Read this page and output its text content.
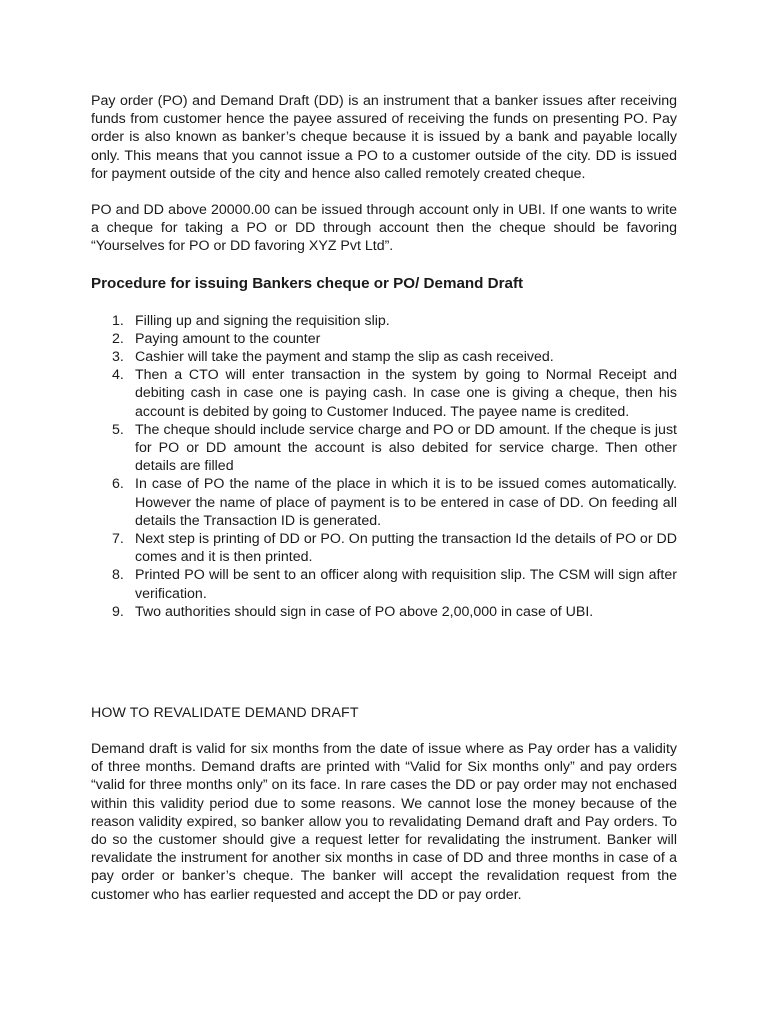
Pay order (PO) and Demand Draft (DD) is an instrument that a banker issues after receiving funds from customer hence the payee assured of receiving the funds on presenting PO. Pay order is also known as banker’s cheque because it is issued by a bank and payable locally only. This means that you cannot issue a PO to a customer outside of the city. DD is issued for payment outside of the city and hence also called remotely created cheque.

PO and DD above 20000.00 can be issued through account only in UBI. If one wants to write a cheque for taking a PO or DD through account then the cheque should be favoring “Yourselves for PO or DD favoring XYZ Pvt Ltd”.

Procedure for issuing Bankers cheque or PO/ Demand Draft
1. Filling up and signing the requisition slip.
2. Paying amount to the counter
3. Cashier will take the payment and stamp the slip as cash received.
4. Then a CTO will enter transaction in the system by going to Normal Receipt and debiting cash in case one is paying cash. In case one is giving a cheque, then his account is debited by going to Customer Induced. The payee name is credited.
5. The cheque should include service charge and PO or DD amount. If the cheque is just for PO or DD amount the account is also debited for service charge. Then other details are filled
6. In case of PO the name of the place in which it is to be issued comes automatically. However the name of place of payment is to be entered in case of DD. On feeding all details the Transaction ID is generated.
7. Next step is printing of DD or PO. On putting the transaction Id the details of PO or DD comes and it is then printed.
8. Printed PO will be sent to an officer along with requisition slip. The CSM will sign after verification.
9. Two authorities should sign in case of PO above 2,00,000 in case of UBI.

HOW TO REVALIDATE DEMAND DRAFT

Demand draft is valid for six months from the date of issue where as Pay order has a validity of three months. Demand drafts are printed with “Valid for Six months only” and pay orders “valid for three months only” on its face. In rare cases the DD or pay order may not enchased within this validity period due to some reasons. We cannot lose the money because of the reason validity expired, so banker allow you to revalidating Demand draft and Pay orders. To do so the customer should give a request letter for revalidating the instrument. Banker will revalidate the instrument for another six months in case of DD and three months in case of a pay order or banker’s cheque. The banker will accept the revalidation request from the customer who has earlier requested and accept the DD or pay order.
